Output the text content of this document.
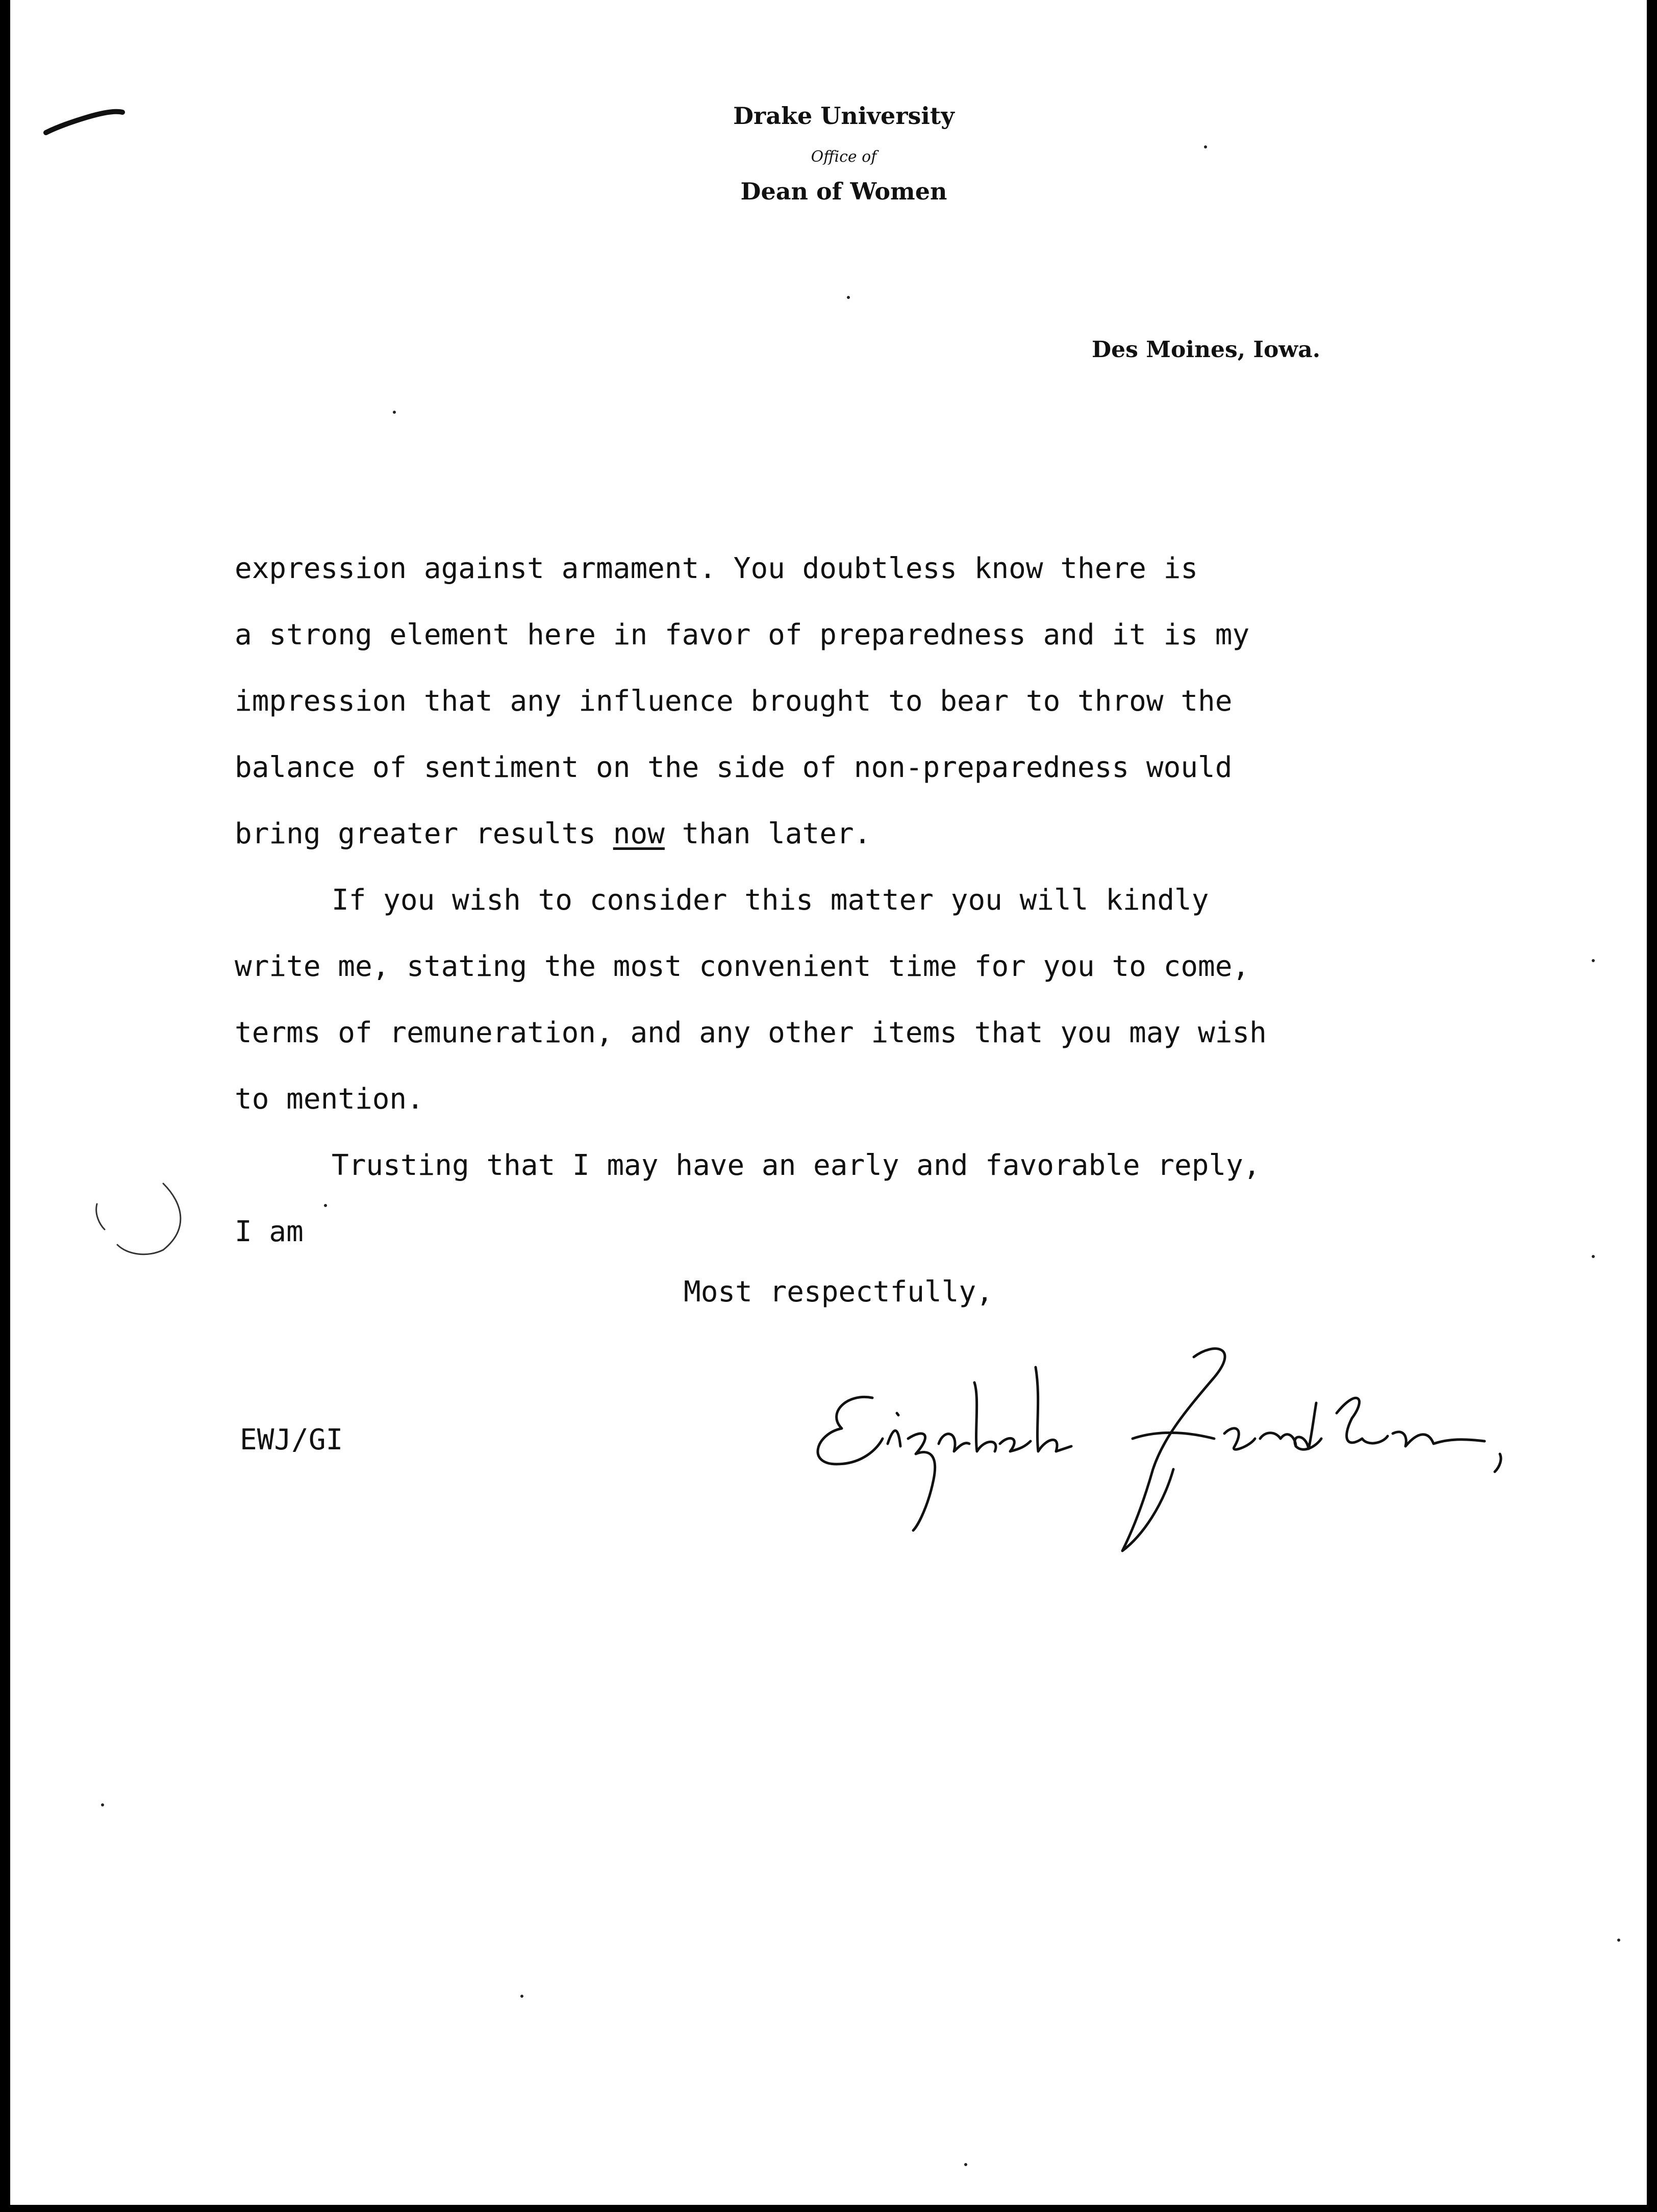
Drake University
Office of
Dean of Women
Des Moines, Iowa.
expression against armament. You doubtless know there is
a strong element here in favor of preparedness and it is my
impression that any influence brought to bear to throw the
balance of sentiment on the side of non-preparedness would
bring greater results now than later.
If you wish to consider this matter you will kindly
write me, stating the most convenient time for you to come,
terms of remuneration, and any other items that you may wish
to mention.
Trusting that I may have an early and favorable reply,
I am
Most respectfully,
EWJ/GI
